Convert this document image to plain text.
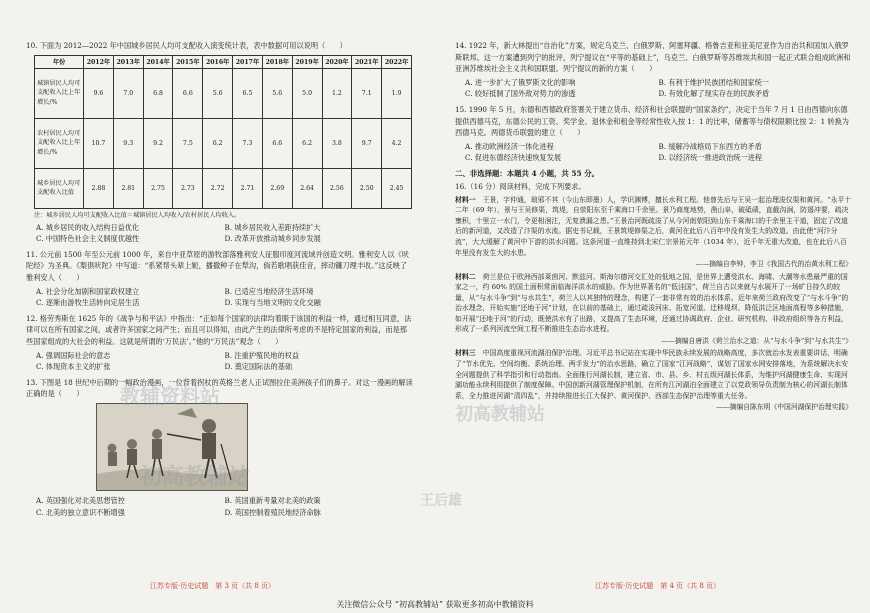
10. 下面为 2012—2022 年中国城乡居民人均可支配收入演变统计表，表中数据可用以说明（　　）

年份	2012年	2013年	2014年	2015年	2016年	2017年	2018年	2019年	2020年	2021年	2022年
城镇居民人均可支配收入比上年增长/%	9.6	7.0	6.8	6.6	5.6	6.5	5.6	5.0	1.2	7.1	1.9
农村居民人均可支配收入比上年增长/%	10.7	9.3	9.2	7.5	6.2	7.3	6.6	6.2	3.8	9.7	4.2
城乡居民人均可支配收入比值	2.88	2.81	2.75	2.73	2.72	2.71	2.69	2.64	2.56	2.50	2.45

注：城乡居民人均可支配收入比值＝城镇居民人均收入/农村居民人均收入。

A. 城乡居民的收入结构日益优化	B. 城乡居民收入差距持续扩大
C. 中国特色社会主义制度优越性	D. 改革开放推动城乡同步发展

11. 公元前 1500 年至公元前 1000 年，来自中亚草原的游牧部落雅利安人征服印度河流域并创造文明。雅利安人以《吠陀经》为圣典。《梨俱吠陀》中写道：“系紧帮头辈上轭，播撒种子在犁沟，倘若歌唱获佳音，摔动镰刀理丰收。”这反映了雅利安人（　　）

A. 社会分化加剧和国家政权建立	B. 已适应当地经济生活环境
C. 逐渐由游牧生活转向定居生活	D. 实现与当地文明的文化交融

12. 格劳秀斯在 1625 年的《战争与和平法》中指出：“正如每个国家的法律均着眼于该国的利益一样，通过相互同意，法律可以在所有国家之间，或者许多国家之间产生；而且可以得知，由此产生的法律所考虑的不是特定国家的利益，而是那些国家组成的大社会的利益。这就是所谓的‘万民法’。”他的“万民法”观念（　　）

A. 强调国际社会的意志	B. 注重护殖民地的权益
C. 体现资本主义的扩张	D. 奠定国际法的基础

13. 下图是 18 世纪中后期的一幅政治漫画，一位背着拐杖的英格兰老人正试图拉住美洲孩子们的鼻子。对这一漫画的解读正确的是（　　）

A. 英国强化对北美思想管控	B. 英国重新考量对北美的政策
C. 北美的独立意识不断增强	D. 英国控制着殖民地经济命脉
江苏专版·历史试题　第 3 页（共 8 页）

14. 1922 年，新大林提出“自治化”方案，规定乌克兰、白俄罗斯、阿塞拜疆、格鲁吉亚和亚美尼亚作为自治共和国加入俄罗斯联邦。这一方案遭到列宁的批评，列宁提议在“平等的基础上”，乌克兰、白俄罗斯等苏维埃共和国一起正式联合组成欧洲和亚洲苏维埃社会主义共和国联盟。列宁提议的新的方案（　　）

A. 进一步扩大了俄罗斯文化的影响	B. 有利于维护民族团结和国家统一
C. 较好抵制了国外敌对势力的渗透	D. 有效化解了现实存在的民族矛盾

15. 1990 年 5 月，东德和西德政府签署关于建立货币、经济和社会联盟的“国家条约”，决定于当年 7 月 1 日由西德向东德提供西德马克，东德公民的工资、奖学金、退休金和租金等经常性收入按 1：1 的比率，储蓄等与债权限额比按 2：1 转换为西德马克。两德货币联盟的建立（　　）

A. 推动欧洲经济一体化进程	B. 缓解冷战格局下东西方的矛盾
C. 促进东德经济快速恢复发展	D. 以经济统一推进政治统一进程
二、非选择题：本题共 4 小题，共 55 分。

16.（16 分）阅读材料，完成下列要求。

材料一　 王景，字仲通，琅邪不其（今山东即墨）人，学识渊博，擅长水利工程。他曾先后与王吴一起治理浚仪渠和黄河。“永平十二年（69 年），景与王吴修渠，筑堤，自荥阳东至千乘海口千余里。景乃商度地势，凿山阜，破砥碛，直截沟涧，防遏冲要，疏决壅积，十里立一水门，令更相洄注，无复溃漏之患。”王景治河既疏浚了从今河南荥阳到山东千乘海口的千余里主干道，固定了改道后的新河道，又改造了汴渠的水流。据史书记载，王景筑堤修渠之后，黄河在此后八百年中没有发生大的改道。由此使“河汴分流”，大大缓解了黄河中下游的洪水问题。这条河道一直维持到北宋仁宗景祐元年（1034 年），近千年无重大改道，也在此后八百年里没有发生大的水患。

——摘编自李钟，李卫《我国古代的治黄水利工程》

材料二　 荷兰是位于欧洲西部莱茵河、默兹河、斯海尔德河交汇处的低地之国，是世界上遭受洪水、海啸、大潮等水患最严重的国家之一，约 60% 的国土面积常面临海洋洪水的威胁。作为世界著名的“低洼国”，荷兰自古以来就与水展开了一场旷日持久的较量，从“与水斗争”到“与水共生”，荷兰人以其独特的理念，构建了一套非常有效的治水体系。近年来荷兰政府改变了“与水斗争”的治水理念，开始实施“还地于河”计划，在以前的基础上，通过疏浚河床、拓宽河道、迁移堤坝、降低洪泛区地面高程等多种措施，如开展“还地于河”的行动，既使洪水有了出路，又提高了生态环境，还通过协调政府、企业、研究机构、非政府组织等各方利益，形成了一系列河流空间工程不断推进生态治水进程。

——摘编自唐洪《荷兰治水之道：从“与水斗争”到“与水共生”》

材料三　 中国高度重视河流湖泊保护治理。习近平总书记站在实现中华民族永续发展的战略高度，多次就治水发表重要讲话，明确了“节水优先、空间均衡、系统治理、两手发力”的治水思路，确立了国家“江河战略”，谋划了国家水网安排落地，为系统解决水安全问题提供了科学指引和行动指南。全面推行河湖长制，建立省、市、县、乡、村五级河湖长体系，为维护河湖健康生命、实现河湖功能永续利用提供了制度保障。中国创新河湖管理保护机制，在所有江河湖泊全面建立了以党政领导负责制为核心的河湖长制体系，全力推进河湖“清四乱”，并持续推进长江大保护、黄河保护、西部生态保护治理等重大任务。

——摘编自陈东明《中国河湖保护治理实践》

江苏专版·历史试题　第 4 页（共 8 页）
教辅资料站
初高教辅站
王后雄
初高教辅站
关注微信公众号 “初高教辅站” 获取更多初高中教辅资料
